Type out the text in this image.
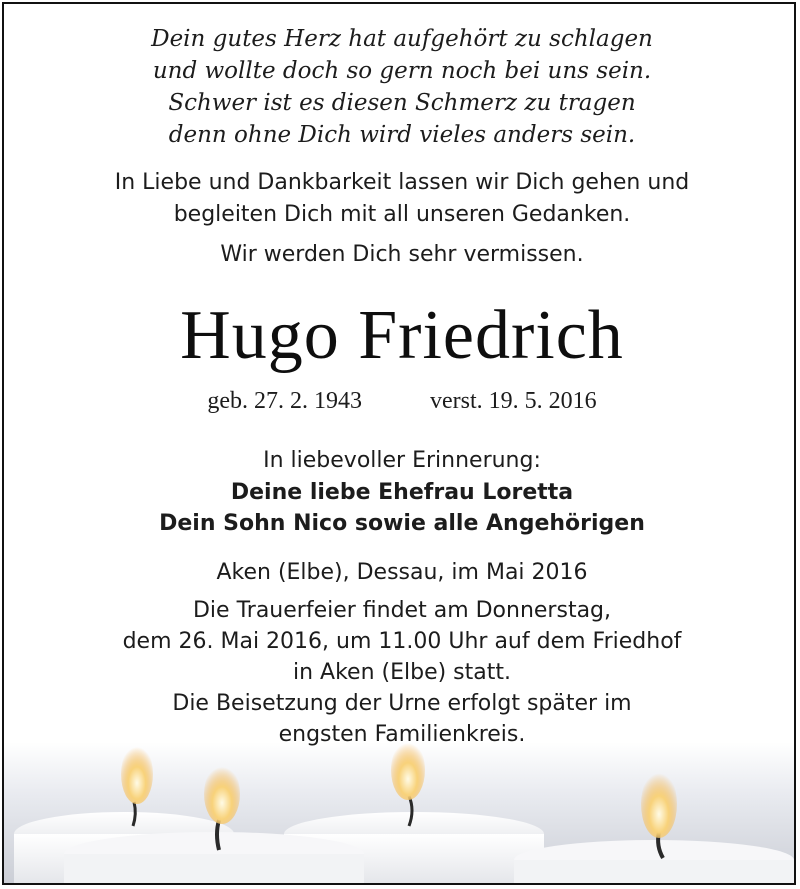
Dein gutes Herz hat aufgehört zu schlagen
und wollte doch so gern noch bei uns sein.
Schwer ist es diesen Schmerz zu tragen
denn ohne Dich wird vieles anders sein.
In Liebe und Dankbarkeit lassen wir Dich gehen und
begleiten Dich mit all unseren Gedanken.
Wir werden Dich sehr vermissen.
Hugo Friedrich
geb. 27. 2. 1943	verst. 19. 5. 2016
In liebevoller Erinnerung:
Deine liebe Ehefrau Loretta
Dein Sohn Nico sowie alle Angehörigen
Aken (Elbe), Dessau, im Mai 2016
Die Trauerfeier findet am Donnerstag,
dem 26. Mai 2016, um 11.00 Uhr auf dem Friedhof
in Aken (Elbe) statt.
Die Beisetzung der Urne erfolgt später im
engsten Familienkreis.
